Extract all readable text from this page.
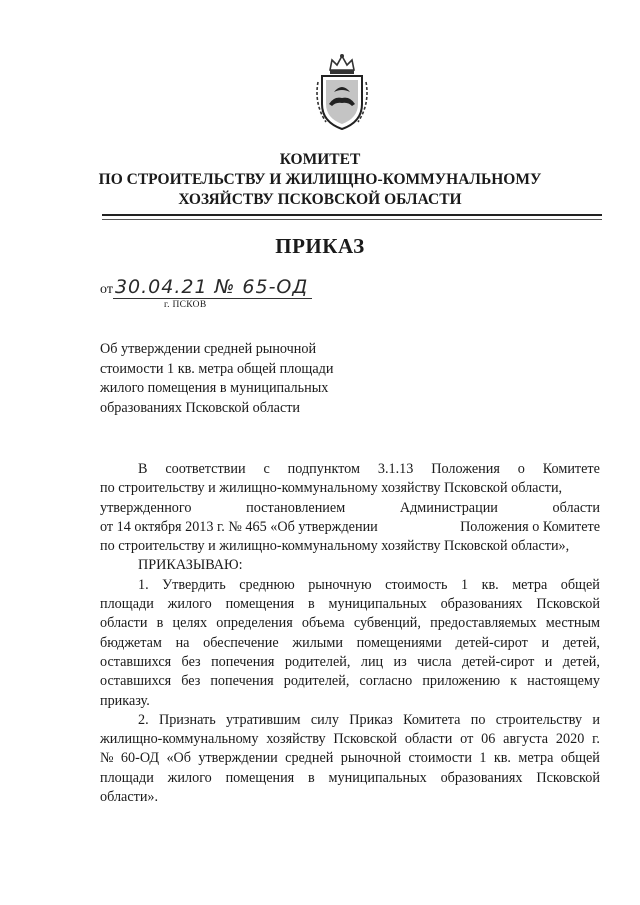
КОМИТЕТ
ПО СТРОИТЕЛЬСТВУ И ЖИЛИЩНО-КОММУНАЛЬНОМУ
ХОЗЯЙСТВУ ПСКОВСКОЙ ОБЛАСТИ
ПРИКАЗ
от 30.04.21 № 65-ОД
г. ПСКОВ
Об утверждении средней рыночной
стоимости 1 кв. метра общей площади
жилого помещения в муниципальных
образованиях Псковской области
В соответствии с подпунктом 3.1.13 Положения о Комитете
по строительству и жилищно-коммунальному хозяйству Псковской области,
утвержденного	постановлением	Администрации	области
от 14 октября 2013 г. № 465 «Об утверждении	Положения о Комитете
по строительству и жилищно-коммунальному хозяйству Псковской области»,
ПРИКАЗЫВАЮ:
1. Утвердить среднюю рыночную стоимость 1 кв. метра общей
площади жилого помещения в муниципальных образованиях Псковской
области в целях определения объема субвенций, предоставляемых местным
бюджетам на обеспечение жилыми помещениями детей-сирот и детей,
оставшихся без попечения родителей, лиц из числа детей-сирот и детей,
оставшихся без попечения родителей, согласно приложению к настоящему
приказу.
2. Признать утратившим силу Приказ Комитета по строительству и
жилищно-коммунальному хозяйству Псковской области от 06 августа 2020 г.
№ 60-ОД «Об утверждении средней рыночной стоимости 1 кв. метра общей
площади жилого помещения в муниципальных образованиях Псковской
области».
